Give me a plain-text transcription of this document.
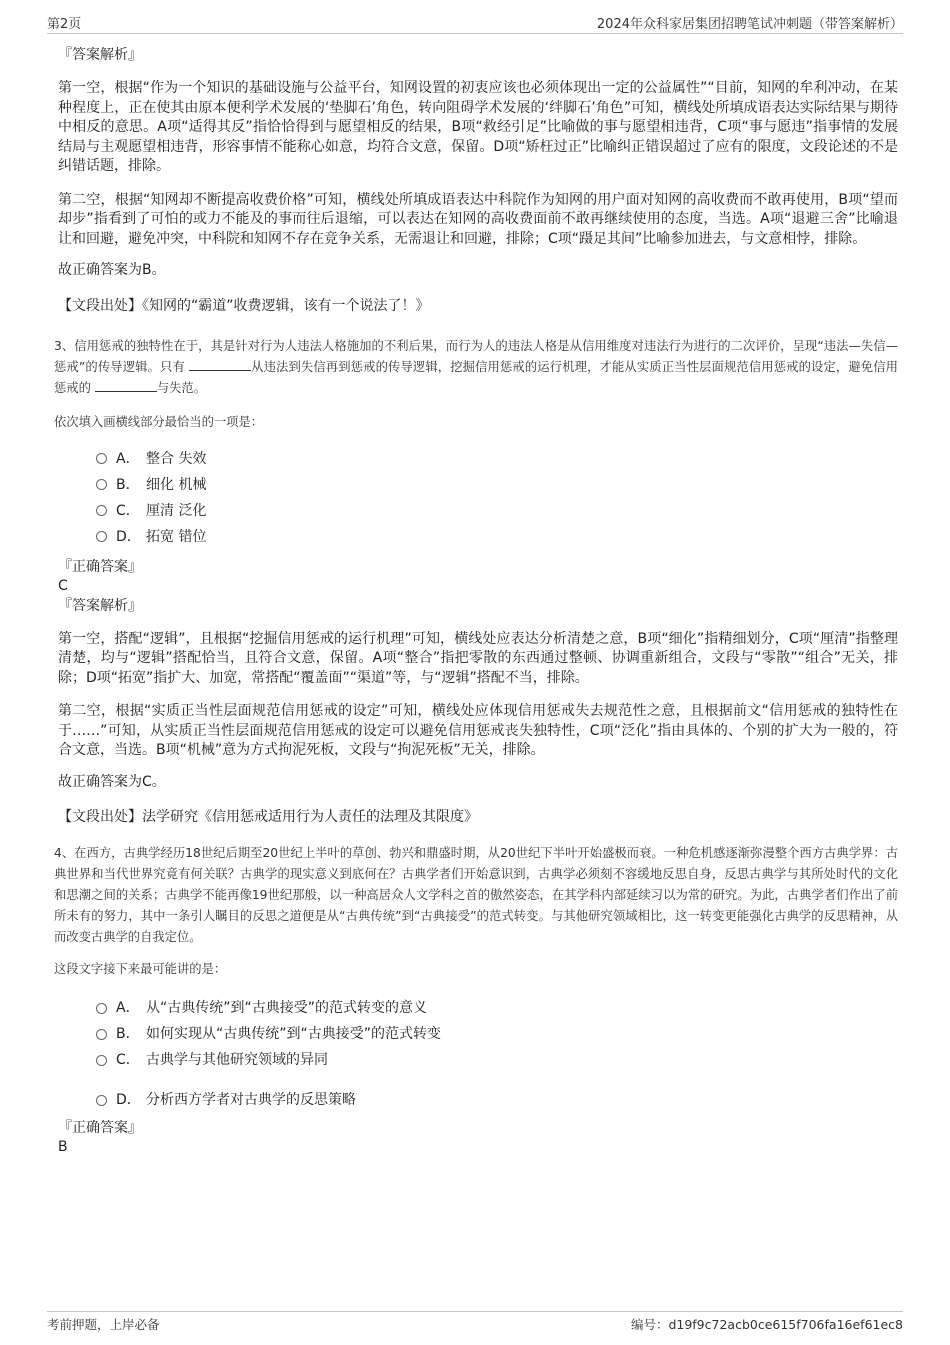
第2页	2024年众科家居集团招聘笔试冲刺题（带答案解析）
『答案解析』
第一空，根据“作为一个知识的基础设施与公益平台，知网设置的初衷应该也必须体现出一定的公益属性”“目前，知网的牟利冲动，在某种程度上，正在使其由原本便利学术发展的‘垫脚石’角色，转向阻碍学术发展的‘绊脚石’角色”可知，横线处所填成语表达实际结果与期待中相反的意思。A项“适得其反”指恰恰得到与愿望相反的结果，B项“救经引足”比喻做的事与愿望相违背，C项“事与愿违”指事情的发展结局与主观愿望相违背，形容事情不能称心如意，均符合文意，保留。D项“矫枉过正”比喻纠正错误超过了应有的限度，文段论述的不是纠错话题，排除。
第二空，根据“知网却不断提高收费价格”可知，横线处所填成语表达中科院作为知网的用户面对知网的高收费而不敢再使用，B项“望而却步”指看到了可怕的或力不能及的事而往后退缩，可以表达在知网的高收费面前不敢再继续使用的态度，当选。A项“退避三舍”比喻退让和回避，避免冲突，中科院和知网不存在竞争关系，无需退让和回避，排除；C项“蹑足其间”比喻参加进去，与文意相悖，排除。
故正确答案为B。
【文段出处】《知网的“霸道”收费逻辑，该有一个说法了！》
3、信用惩戒的独特性在于，其是针对行为人违法人格施加的不利后果，而行为人的违法人格是从信用维度对违法行为进行的二次评价，呈现“违法—失信—惩戒”的传导逻辑。只有	从违法到失信再到惩戒的传导逻辑，挖掘信用惩戒的运行机理，才能从实质正当性层面规范信用惩戒的设定，避免信用惩戒的	与失范。
依次填入画横线部分最恰当的一项是：
A． 整合 失效
B． 细化 机械
C． 厘清 泛化
D． 拓宽 错位
『正确答案』
C
『答案解析』
第一空，搭配“逻辑”，且根据“挖掘信用惩戒的运行机理”可知，横线处应表达分析清楚之意，B项“细化”指精细划分，C项“厘清”指整理清楚，均与“逻辑”搭配恰当，且符合文意，保留。A项“整合”指把零散的东西通过整顿、协调重新组合，文段与“零散”“组合”无关，排除；D项“拓宽”指扩大、加宽，常搭配“覆盖面”“渠道”等，与“逻辑”搭配不当，排除。
第二空，根据“实质正当性层面规范信用惩戒的设定”可知，横线处应体现信用惩戒失去规范性之意，且根据前文“信用惩戒的独特性在于……”可知，从实质正当性层面规范信用惩戒的设定可以避免信用惩戒丧失独特性，C项“泛化”指由具体的、个别的扩大为一般的，符合文意，当选。B项“机械”意为方式拘泥死板，文段与“拘泥死板”无关，排除。
故正确答案为C。
【文段出处】法学研究《信用惩戒适用行为人责任的法理及其限度》
4、在西方，古典学经历18世纪后期至20世纪上半叶的草创、勃兴和鼎盛时期，从20世纪下半叶开始盛极而衰。一种危机感逐渐弥漫整个西方古典学界：古典世界和当代世界究竟有何关联？古典学的现实意义到底何在？古典学者们开始意识到，古典学必须刻不容缓地反思自身，反思古典学与其所处时代的文化和思潮之间的关系；古典学不能再像19世纪那般，以一种高居众人文学科之首的傲然姿态，在其学科内部延续习以为常的研究。为此，古典学者们作出了前所未有的努力，其中一条引人瞩目的反思之道便是从“古典传统”到“古典接受”的范式转变。与其他研究领域相比，这一转变更能强化古典学的反思精神，从而改变古典学的自我定位。
这段文字接下来最可能讲的是：
A． 从“古典传统”到“古典接受”的范式转变的意义
B． 如何实现从“古典传统”到“古典接受”的范式转变
C． 古典学与其他研究领域的异同
D． 分析西方学者对古典学的反思策略
『正确答案』
B
考前押题，上岸必备	编号：d19f9c72acb0ce615f706fa16ef61ec8
